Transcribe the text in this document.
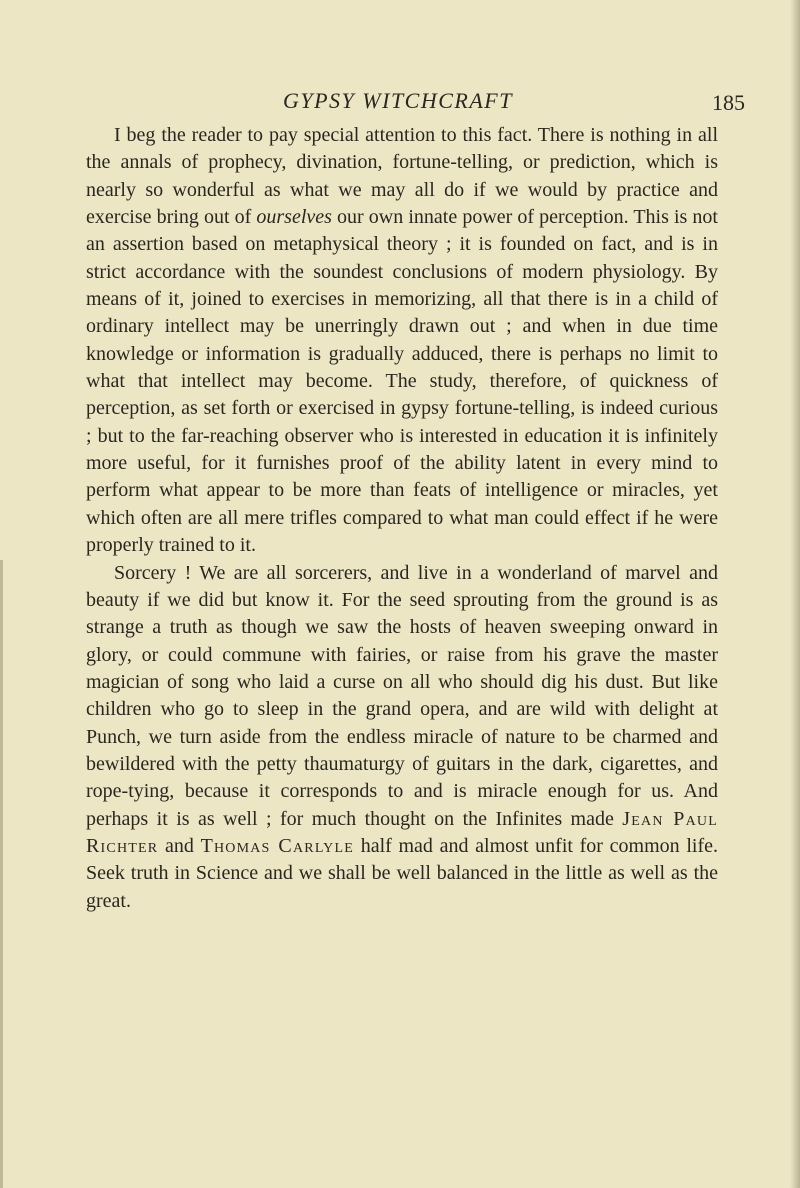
GYPSY WITCHCRAFT	185

I beg the reader to pay special attention to this fact. There is nothing in all the annals of prophecy, divination, fortune-telling, or prediction, which is nearly so wonderful as what we may all do if we would by practice and exercise bring out of ourselves our own innate power of perception. This is not an assertion based on metaphysical theory ; it is founded on fact, and is in strict accordance with the soundest conclusions of modern physiology. By means of it, joined to exercises in memorizing, all that there is in a child of ordinary intellect may be unerringly drawn out ; and when in due time knowledge or information is gradually adduced, there is perhaps no limit to what that intellect may become. The study, therefore, of quickness of perception, as set forth or exercised in gypsy fortune-telling, is indeed curious ; but to the far-reaching observer who is interested in education it is infinitely more useful, for it furnishes proof of the ability latent in every mind to perform what appear to be more than feats of intelligence or miracles, yet which often are all mere trifles compared to what man could effect if he were properly trained to it.

Sorcery ! We are all sorcerers, and live in a wonderland of marvel and beauty if we did but know it. For the seed sprouting from the ground is as strange a truth as though we saw the hosts of heaven sweeping onward in glory, or could commune with fairies, or raise from his grave the master magician of song who laid a curse on all who should dig his dust. But like children who go to sleep in the grand opera, and are wild with delight at Punch, we turn aside from the endless miracle of nature to be charmed and bewildered with the petty thaumaturgy of guitars in the dark, cigarettes, and rope-tying, because it corresponds to and is miracle enough for us. And perhaps it is as well ; for much thought on the Infinites made Jean Paul Richter and Thomas Carlyle half mad and almost unfit for common life. Seek truth in Science and we shall be well balanced in the little as well as the great.
